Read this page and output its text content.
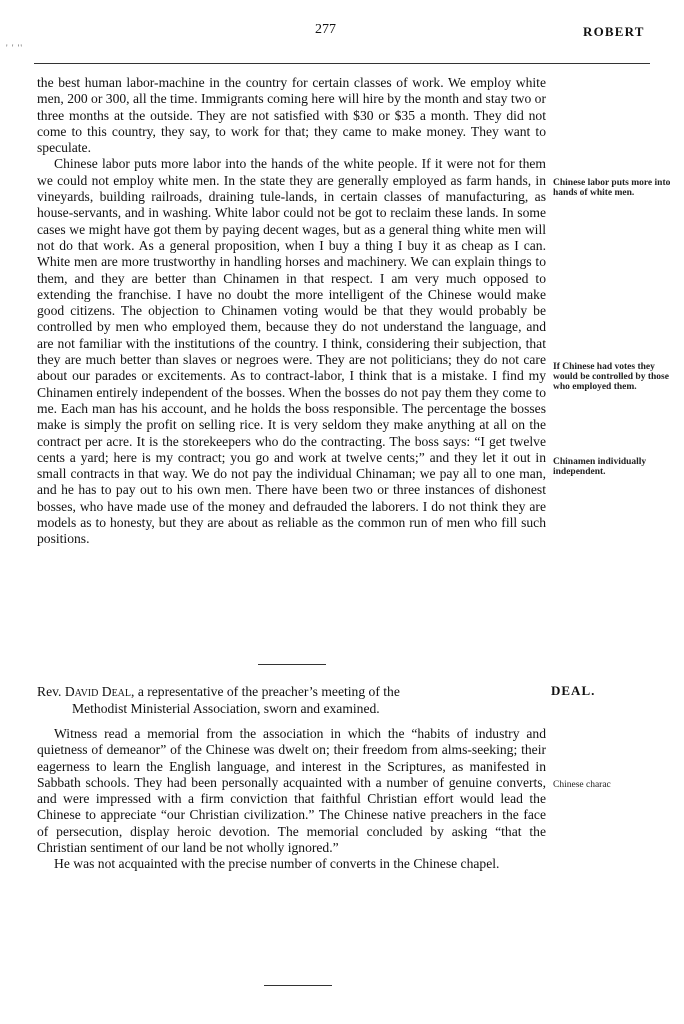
' ' ''
277	ROBERT

the best human labor-machine in the country for certain classes of work. We employ white men, 200 or 300, all the time. Immigrants coming here will hire by the month and stay two or three months at the outside. They are not satisfied with $30 or $35 a month. They did not come to this country, they say, to work for that; they came to make money. They want to speculate.

Chinese labor puts more labor into the hands of the white people. If it were not for them we could not employ white men. In the state they are generally employed as farm hands, in vineyards, building railroads, draining tule-lands, in certain classes of manufacturing, as house-servants, and in washing. White labor could not be got to reclaim these lands. In some cases we might have got them by paying decent wages, but as a general thing white men will not do that work. As a general proposition, when I buy a thing I buy it as cheap as I can. White men are more trustworthy in handling horses and machinery. We can explain things to them, and they are better than Chinamen in that respect. I am very much opposed to extending the franchise. I have no doubt the more intelligent of the Chinese would make good citizens. The objection to Chinamen voting would be that they would probably be controlled by men who employed them, because they do not understand the language, and are not familiar with the institutions of the country. I think, considering their subjection, that they are much better than slaves or negroes were. They are not politicians; they do not care about our parades or excitements. As to contract-labor, I think that is a mistake. I find my Chinamen entirely independent of the bosses. When the bosses do not pay them they come to me. Each man has his account, and he holds the boss responsible. The percentage the bosses make is simply the profit on selling rice. It is very seldom they make anything at all on the contract per acre. It is the storekeepers who do the contracting. The boss says: “I get twelve cents a yard; here is my contract; you go and work at twelve cents;” and they let it out in small contracts in that way. We do not pay the individual Chinaman; we pay all to one man, and he has to pay out to his own men. There have been two or three instances of dishonest bosses, who have made use of the money and defrauded the laborers. I do not think they are models as to honesty, but they are about as reliable as the common run of men who fill such positions.

Chinese labor puts more into hands of white men.
If Chinese had votes they would be controlled by those who employed them.
Chinamen individually independent.
Rev. David Deal, a representative of the preacher’s meeting of the
Methodist Ministerial Association, sworn and examined.
DEAL.

Witness read a memorial from the association in which the “habits of industry and quietness of demeanor” of the Chinese was dwelt on; their freedom from alms-seeking; their eagerness to learn the English language, and interest in the Scriptures, as manifested in Sabbath schools. They had been personally acquainted with a number of genuine converts, and were impressed with a firm conviction that faithful Christian effort would lead the Chinese to appreciate “our Christian civilization.” The Chinese native preachers in the face of persecution, display heroic devotion. The memorial concluded by asking “that the Christian sentiment of our land be not wholly ignored.”

He was not acquainted with the precise number of converts in the Chinese chapel.

Chinese charac
